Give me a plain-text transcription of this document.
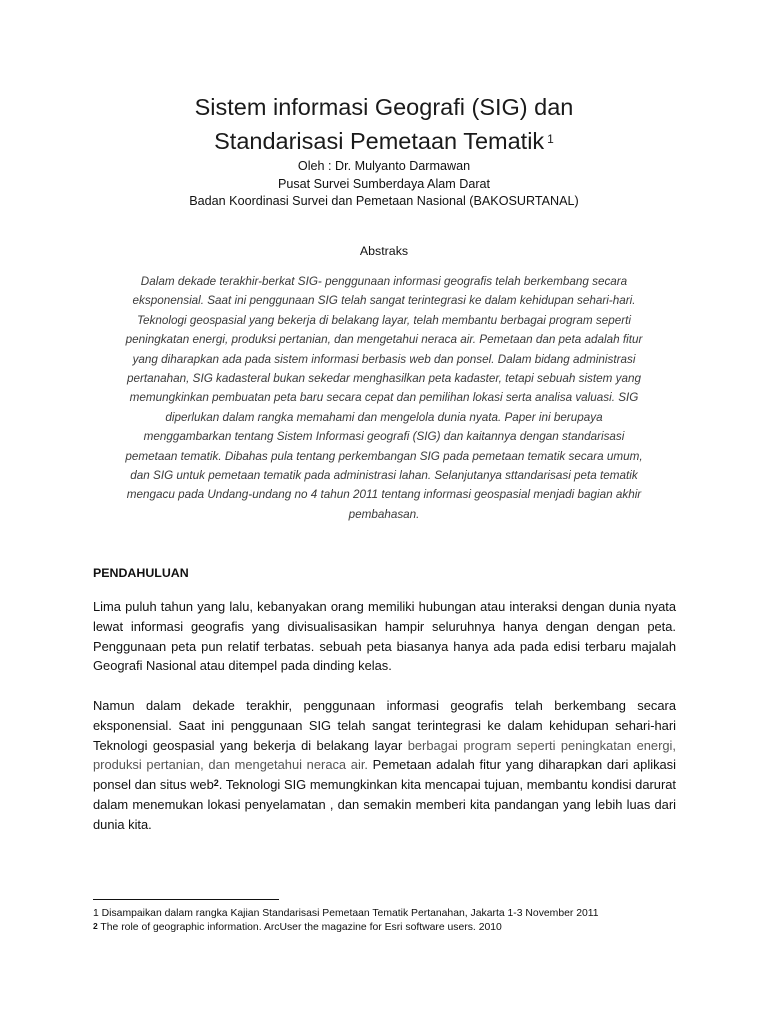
Sistem informasi Geografi (SIG) dan
Standarisasi Pemetaan Tematik $^1$
Oleh : Dr. Mulyanto Darmawan
Pusat Survei Sumberdaya Alam Darat
Badan Koordinasi Survei dan Pemetaan Nasional (BAKOSURTANAL)
Abstraks
Dalam dekade terakhir-berkat SIG- penggunaan informasi geografis telah berkembang secara
eksponensial. Saat ini penggunaan SIG telah sangat terintegrasi ke dalam kehidupan sehari-hari.
Teknologi geospasial yang bekerja di belakang layar, telah membantu berbagai program seperti
peningkatan energi, produksi pertanian, dan mengetahui neraca air. Pemetaan dan peta adalah fitur
yang diharapkan ada pada sistem informasi berbasis web dan ponsel. Dalam bidang administrasi
pertanahan, SIG kadasteral bukan sekedar menghasilkan peta kadaster, tetapi sebuah sistem yang
memungkinkan pembuatan peta baru secara cepat dan pemilihan lokasi serta analisa valuasi. SIG
diperlukan dalam rangka memahami dan mengelola dunia nyata. Paper ini berupaya
menggambarkan tentang Sistem Informasi geografi (SIG) dan kaitannya dengan standarisasi
pemetaan tematik. Dibahas pula tentang perkembangan SIG pada pemetaan tematik secara umum,
dan SIG untuk pemetaan tematik pada administrasi lahan. Selanjutanya sttandarisasi peta tematik
mengacu pada Undang-undang no 4 tahun 2011 tentang informasi geospasial menjadi bagian akhir
pembahasan.
PENDAHULUAN
Lima puluh tahun yang lalu, kebanyakan orang memiliki hubungan atau interaksi dengan dunia nyata lewat informasi geografis yang divisualisasikan hampir seluruhnya hanya dengan dengan peta. Penggunaan peta pun relatif terbatas. sebuah peta biasanya hanya ada pada edisi terbaru majalah Geografi Nasional atau ditempel pada dinding kelas.
Namun dalam dekade terakhir, penggunaan informasi geografis telah berkembang secara eksponensial. Saat ini penggunaan SIG telah sangat terintegrasi ke dalam kehidupan sehari-hari Teknologi geospasial yang bekerja di belakang layar berbagai program seperti peningkatan energi, produksi pertanian, dan mengetahui neraca air. Pemetaan adalah fitur yang diharapkan dari aplikasi ponsel dan situs web$^2$. Teknologi SIG memungkinkan kita mencapai tujuan, membantu kondisi darurat dalam menemukan lokasi penyelamatan , dan semakin memberi kita pandangan yang lebih luas dari dunia kita.
1 Disampaikan dalam rangka Kajian Standarisasi Pemetaan Tematik Pertanahan, Jakarta 1-3 November 2011
$^2$ The role of geographic information. ArcUser the magazine for Esri software users. 2010
